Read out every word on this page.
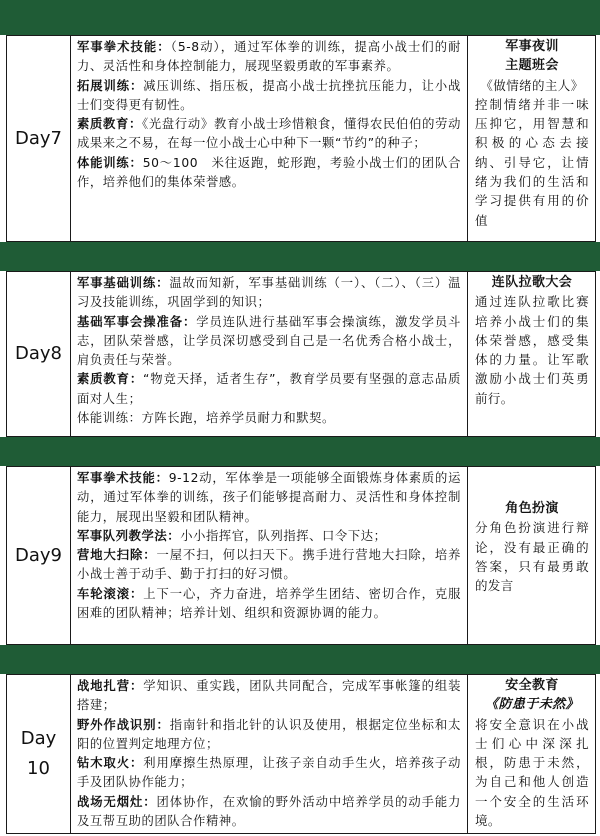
Day7

军事拳术技能：（5-8动），通过军体拳的训练，提高小战士们的耐力、灵活性和身体控制能力，展现坚毅勇敢的军事素养。

拓展训练：减压训练、指压板，提高小战士抗挫抗压能力，让小战士们变得更有韧性。

素质教育：《光盘行动》教育小战士珍惜粮食，懂得农民伯伯的劳动成果来之不易，在每一位小战士心中种下一颗“节约”的种子；

体能训练：50～100　米往返跑，蛇形跑，考验小战士们的团队合作，培养他们的集体荣誉感。

军事夜训
主题班会
《做情绪的主人》

控制情绪并非一味压抑它，用智慧和积极的心态去接纳、引导它，让情绪为我们的生活和学习提供有用的价值

Day8

军事基础训练：温故而知新，军事基础训练（一）、（二）、（三）温习及技能训练，巩固学到的知识；

基础军事会操准备：学员连队进行基础军事会操演练，激发学员斗志，团队荣誉感，让学员深切感受到自己是一名优秀合格小战士，肩负责任与荣誉。

素质教育：“物竞天择，适者生存”，教育学员要有坚强的意志品质面对人生；

体能训练：方阵长跑，培养学员耐力和默契。

连队拉歌大会

通过连队拉歌比赛培养小战士们的集体荣誉感，感受集体的力量。让军歌激励小战士们英勇前行。

Day9

军事拳术技能：9-12动，军体拳是一项能够全面锻炼身体素质的运动，通过军体拳的训练，孩子们能够提高耐力、灵活性和身体控制能力，展现出坚毅和团队精神。

军事队列教学法：小小指挥官，队列指挥、口令下达；

营地大扫除：一屋不扫，何以扫天下。携手进行营地大扫除，培养小战士善于动手、勤于打扫的好习惯。

车轮滚滚：上下一心，齐力奋进，培养学生团结、密切合作，克服困难的团队精神；培养计划、组织和资源协调的能力。

角色扮演

分角色扮演进行辩论，没有最正确的答案，只有最勇敢的发言

Day 10

战地扎营：学知识、重实践，团队共同配合，完成军事帐篷的组装搭建；

野外作战识别：指南针和指北针的认识及使用，根据定位坐标和太阳的位置判定地理方位；

钻木取火：利用摩擦生热原理，让孩子亲自动手生火，培养孩子动手及团队协作能力；

战场无烟灶：团体协作，在欢愉的野外活动中培养学员的动手能力及互帮互助的团队合作精神。

安全教育
《防患于未然》

将安全意识在小战士们心中深深扎根，防患于未然，为自己和他人创造一个安全的生活环境。
